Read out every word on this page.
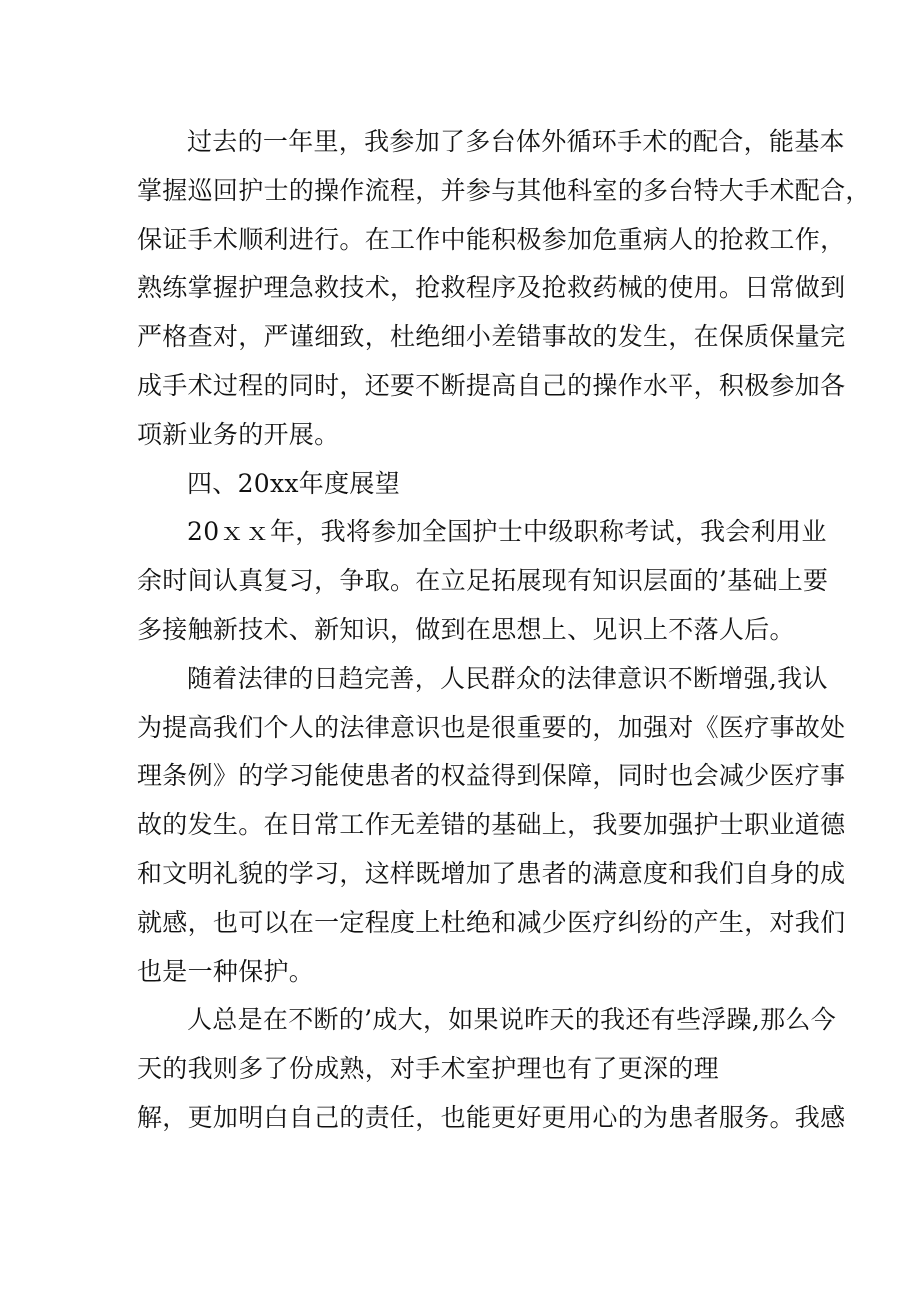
过去的一年里，我参加了多台体外循环手术的配合，能基本
掌握巡回护士的操作流程，并参与其他科室的多台特大手术配合，
保证手术顺利进行。在工作中能积极参加危重病人的抢救工作，
熟练掌握护理急救技术，抢救程序及抢救药械的使用。日常做到
严格查对，严谨细致，杜绝细小差错事故的发生，在保质保量完
成手术过程的同时，还要不断提高自己的操作水平，积极参加各
项新业务的开展。
四、20xx年度展望
20ｘｘ年，我将参加全国护士中级职称考试，我会利用业
余时间认真复习，争取。在立足拓展现有知识层面的’基础上要
多接触新技术、新知识，做到在思想上、见识上不落人后。
随着法律的日趋完善，人民群众的法律意识不断增强,我认
为提高我们个人的法律意识也是很重要的，加强对《医疗事故处
理条例》的学习能使患者的权益得到保障，同时也会减少医疗事
故的发生。在日常工作无差错的基础上，我要加强护士职业道德
和文明礼貌的学习，这样既增加了患者的满意度和我们自身的成
就感，也可以在一定程度上杜绝和减少医疗纠纷的产生，对我们
也是一种保护。
人总是在不断的’成大，如果说昨天的我还有些浮躁,那么今
天的我则多了份成熟，对手术室护理也有了更深的理
解，更加明白自己的责任，也能更好更用心的为患者服务。我感
